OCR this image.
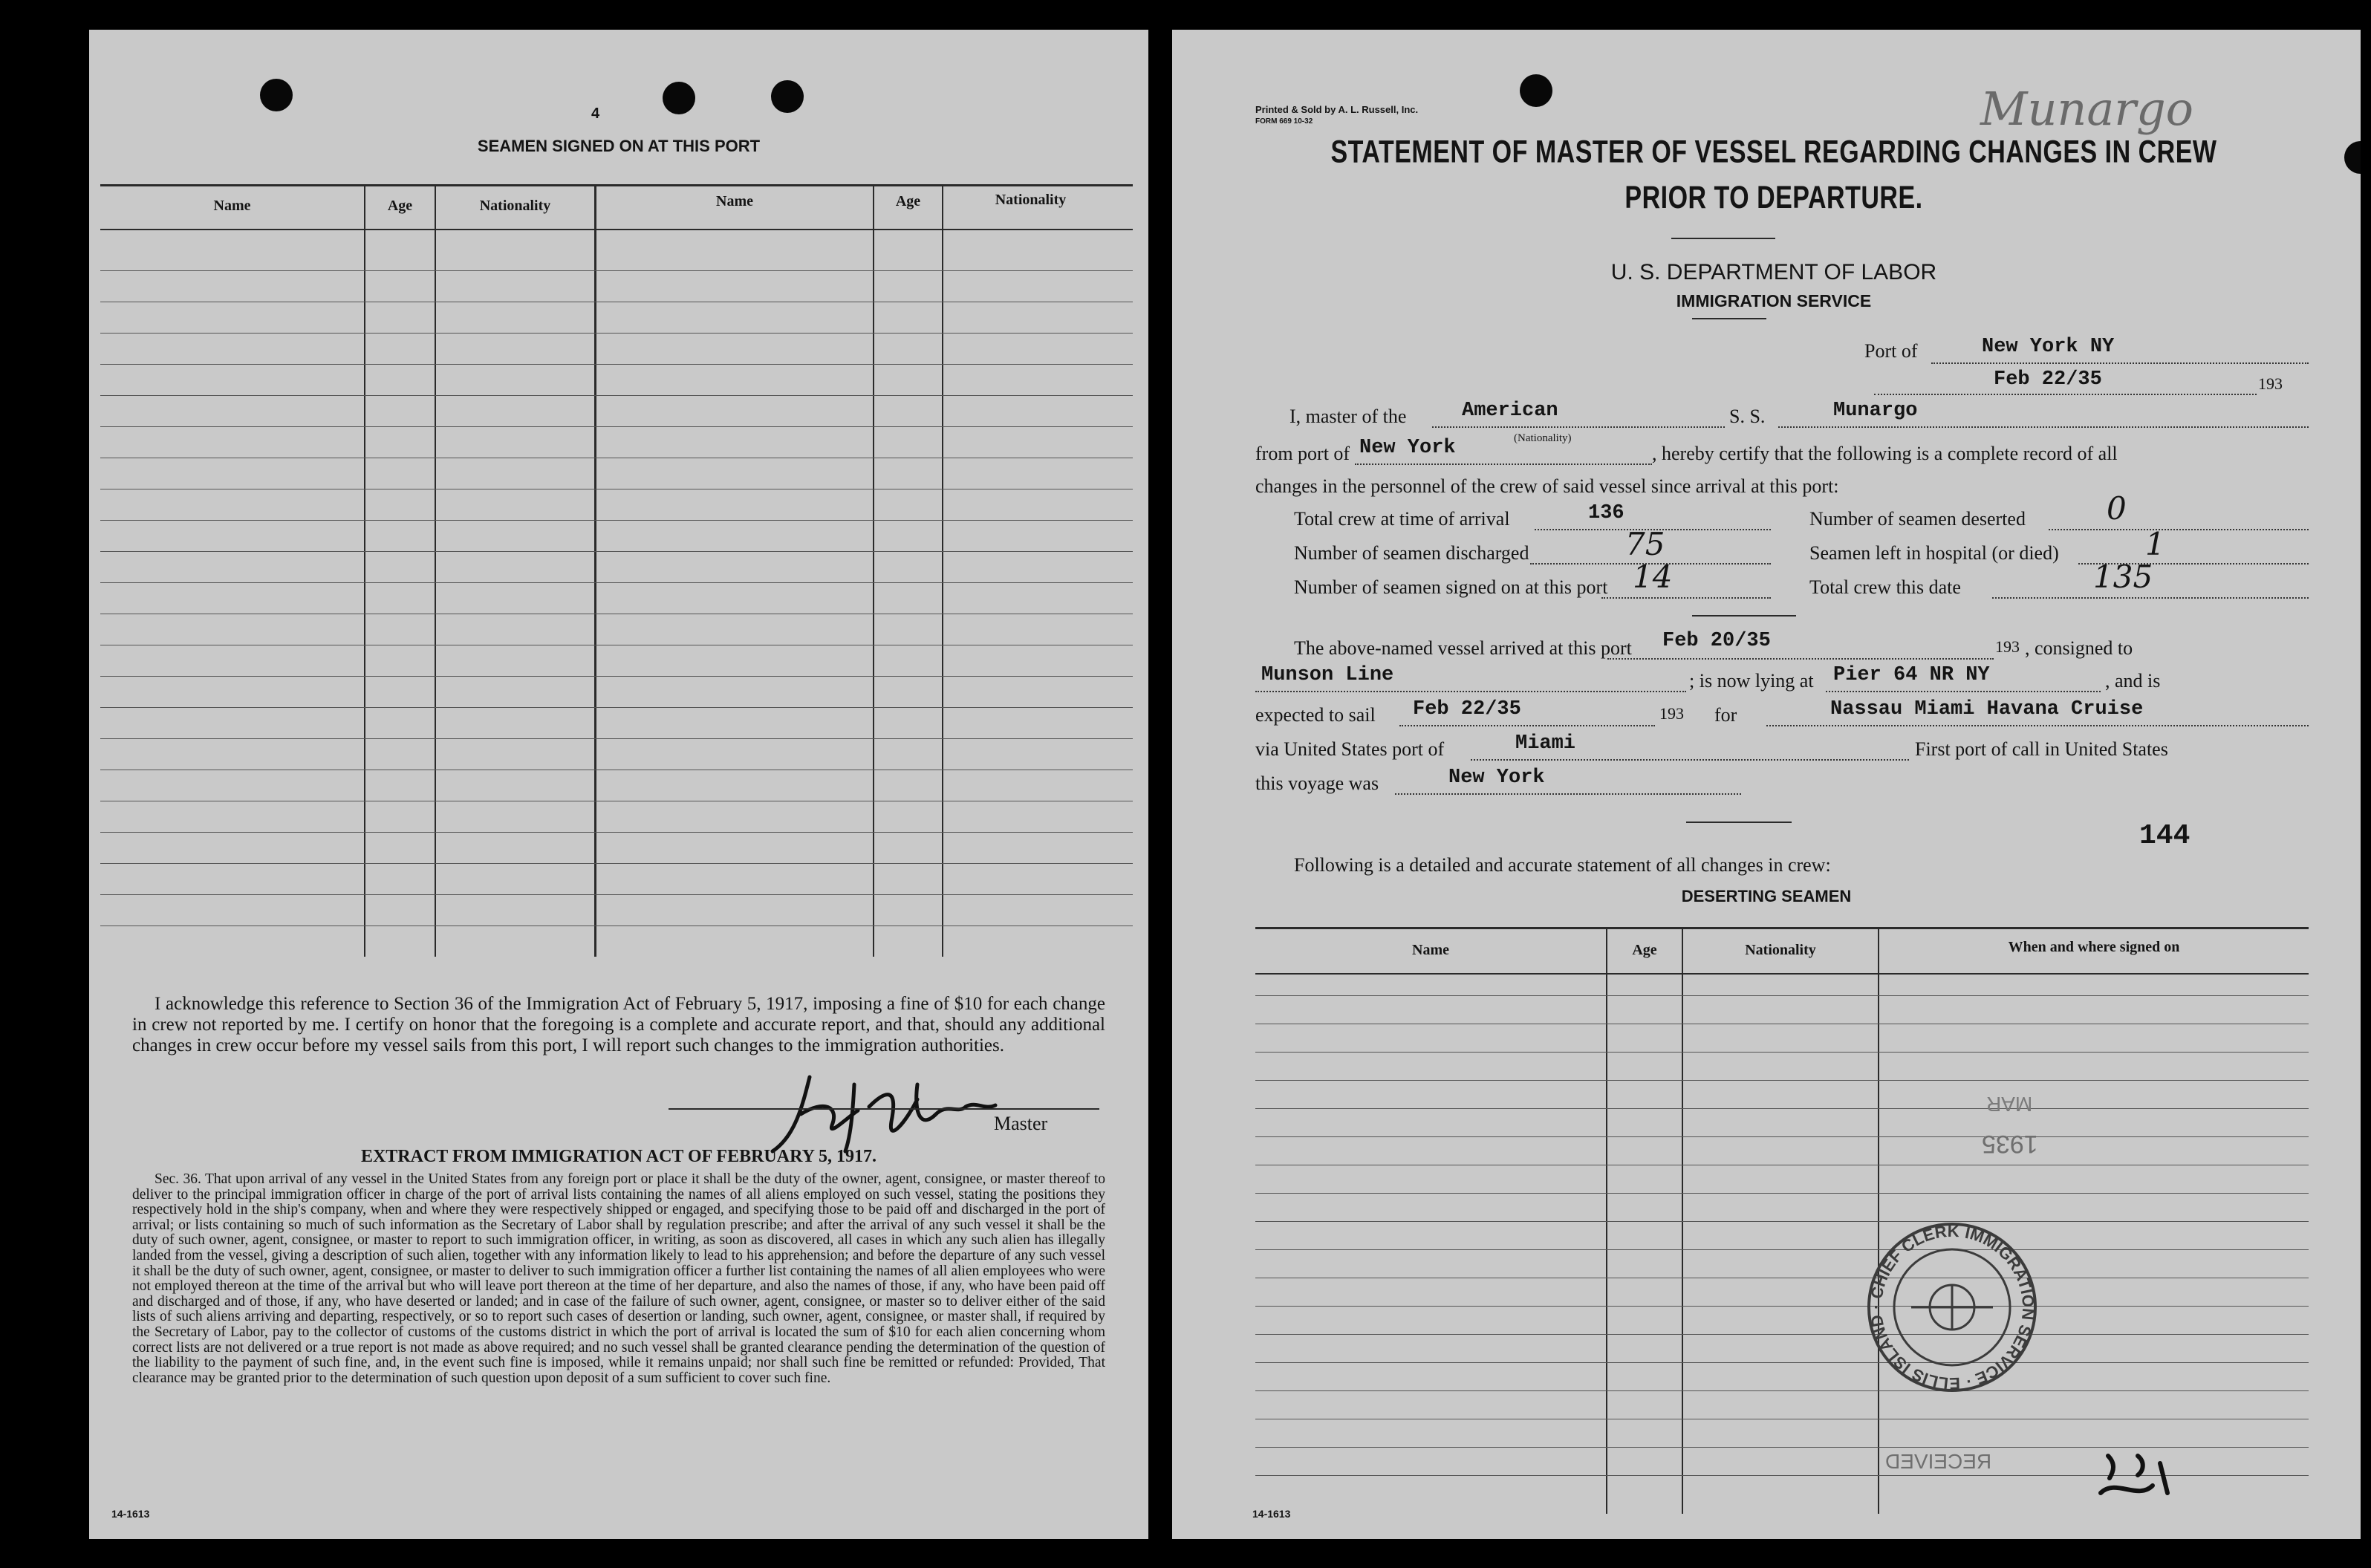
4
SEAMEN SIGNED ON AT THIS PORT
Name	Age	Nationality	Name	Age	Nationality
I acknowledge this reference to Section 36 of the Immigration Act of February 5, 1917, imposing a fine of $10 for each change in crew not reported by me. I certify on honor that the foregoing is a complete and accurate report, and that, should any additional changes in crew occur before my vessel sails from this port, I will report such changes to the immigration authorities.
Master
EXTRACT FROM IMMIGRATION ACT OF FEBRUARY 5, 1917.
Sec. 36. That upon arrival of any vessel in the United States from any foreign port or place it shall be the duty of the owner, agent, consignee, or master thereof to deliver to the principal immigration officer in charge of the port of arrival lists containing the names of all aliens employed on such vessel, stating the positions they respectively hold in the ship's company, when and where they were respectively shipped or engaged, and specifying those to be paid off and discharged in the port of arrival; or lists containing so much of such information as the Secretary of Labor shall by regulation prescribe; and after the arrival of any such vessel it shall be the duty of such owner, agent, consignee, or master to report to such immigration officer, in writing, as soon as discovered, all cases in which any such alien has illegally landed from the vessel, giving a description of such alien, together with any information likely to lead to his apprehension; and before the departure of any such vessel it shall be the duty of such owner, agent, consignee, or master to deliver to such immigration officer a further list containing the names of all alien employees who were not employed thereon at the time of the arrival but who will leave port thereon at the time of her departure, and also the names of those, if any, who have been paid off and discharged and of those, if any, who have deserted or landed; and in case of the failure of such owner, agent, consignee, or master so to deliver either of the said lists of such aliens arriving and departing, respectively, or so to report such cases of desertion or landing, such owner, agent, consignee, or master shall, if required by the Secretary of Labor, pay to the collector of customs of the customs district in which the port of arrival is located the sum of $10 for each alien concerning whom correct lists are not delivered or a true report is not made as above required; and no such vessel shall be granted clearance pending the determination of the question of the liability to the payment of such fine, and, in the event such fine is imposed, while it remains unpaid; nor shall such fine be remitted or refunded: Provided, That clearance may be granted prior to the determination of such question upon deposit of a sum sufficient to cover such fine.
14-1613
Printed & Sold by A. L. Russell, Inc.
FORM 669 10-32	Munargo
STATEMENT OF MASTER OF VESSEL REGARDING CHANGES IN CREW
PRIOR TO DEPARTURE.
U. S. DEPARTMENT OF LABOR
IMMIGRATION SERVICE
Port of	New York NY
Feb 22/35	193
I, master of the	American	S. S.	Munargo
(Nationality)
from port of New York	, hereby certify that the following is a complete record of all
changes in the personnel of the crew of said vessel since arrival at this port:
Total crew at time of arrival	136	Number of seamen deserted	0
Number of seamen discharged	75	Seamen left in hospital (or died)	1
Number of seamen signed on at this port 14	Total crew this date	135
The above-named vessel arrived at this port Feb 20/35	193 , consigned to
Munson Line	; is now lying at Pier 64 NR NY	, and is
expected to sail Feb 22/35	193 for	Nassau Miami Havana Cruise
via United States port of	Miami	First port of call in United States
this voyage was	New York
144
Following is a detailed and accurate statement of all changes in crew:
DESERTING SEAMEN
Name	Age	Nationality	When and where signed on
IMMIGRATION SERVICE · ELLIS ISLAND · CHIEF CLERK
1935
MAR
RECEIVED
14-1613
